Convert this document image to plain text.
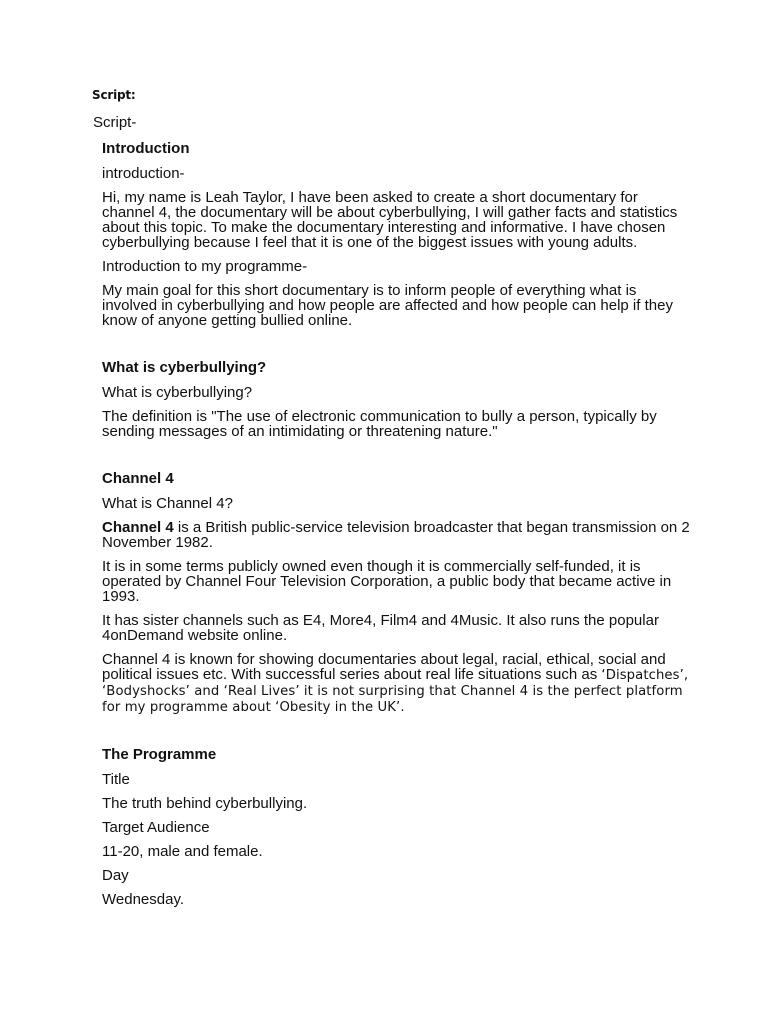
Script:
Script-
Introduction
introduction-
Hi, my name is Leah Taylor, I have been asked to create a short documentary for channel 4, the documentary will be about cyberbullying, I will gather facts and statistics about this topic. To make the documentary interesting and informative. I have chosen cyberbullying because I feel that it is one of the biggest issues with young adults.
Introduction to my programme-
My main goal for this short documentary is to inform people of everything what is involved in cyberbullying and how people are affected and how people can help if they know of anyone getting bullied online.
What is cyberbullying?
What is cyberbullying?
The definition is "The use of electronic communication to bully a person, typically by sending messages of an intimidating or threatening nature."
Channel 4
What is Channel 4?
Channel 4 is a British public-service television broadcaster that began transmission on 2 November 1982.
It is in some terms publicly owned even though it is commercially self-funded, it is operated by Channel Four Television Corporation, a public body that became active in 1993.
It has sister channels such as E4, More4, Film4 and 4Music. It also runs the popular 4onDemand website online.
Channel 4 is known for showing documentaries about legal, racial, ethical, social and political issues etc. With successful series about real life situations such as ‘Dispatches’, ‘Bodyshocks’ and ‘Real Lives’ it is not surprising that Channel 4 is the perfect platform for my programme about ‘Obesity in the UK’.
The Programme
Title
The truth behind cyberbullying.
Target Audience
11-20, male and female.
Day
Wednesday.
